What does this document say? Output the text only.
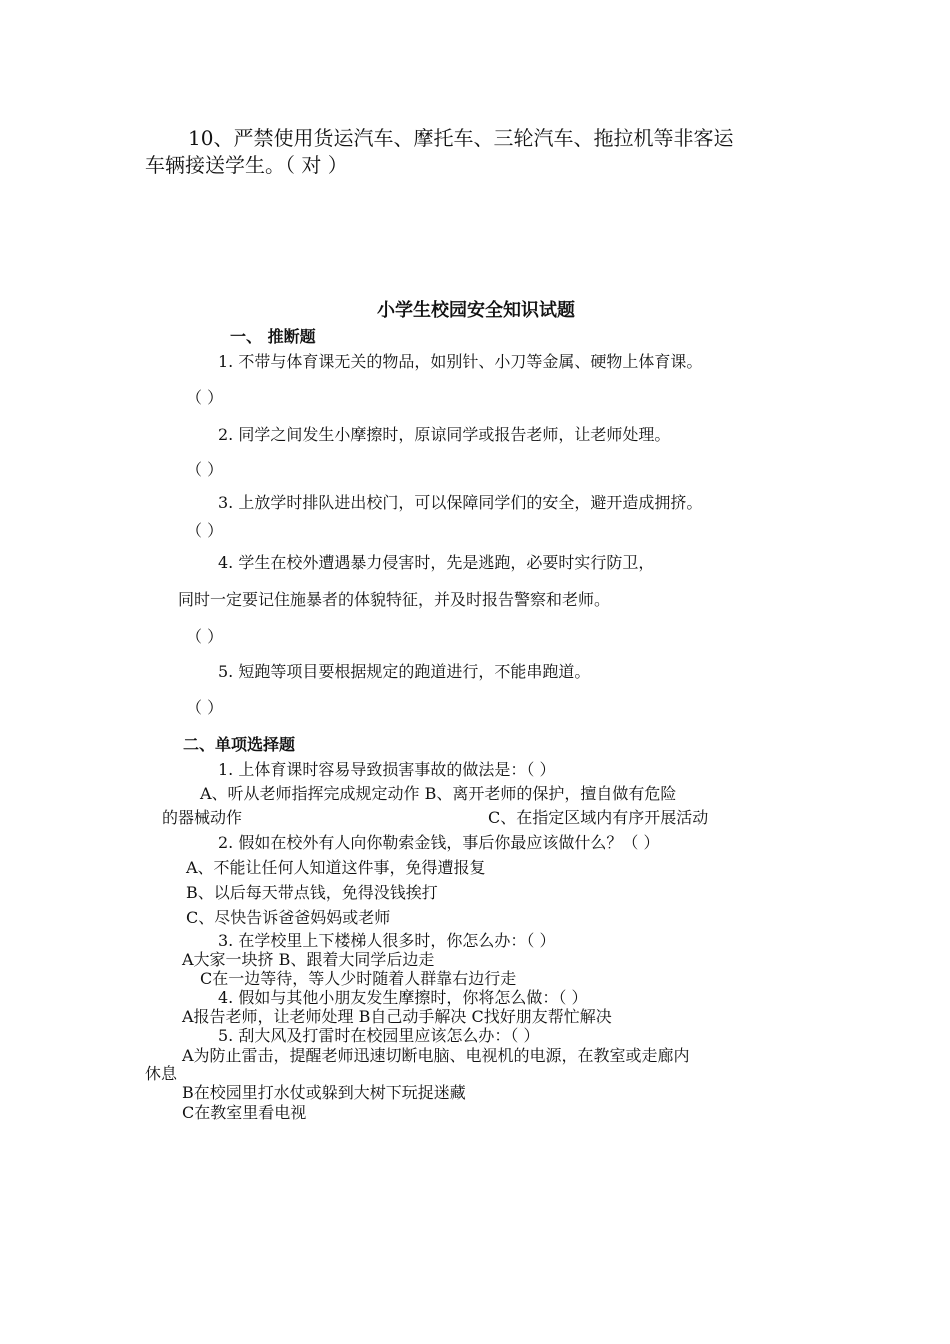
10、严禁使用货运汽车、摩托车、三轮汽车、拖拉机等非客运
车辆接送学生。（ 对 ）
小学生校园安全知识试题
一、 推断题
1. 不带与体育课无关的物品，如别针、小刀等金属、硬物上体育课。
（ ）
2. 同学之间发生小摩擦时，原谅同学或报告老师，让老师处理。
（ ）
3. 上放学时排队进出校门，可以保障同学们的安全，避开造成拥挤。
（ ）
4. 学生在校外遭遇暴力侵害时，先是逃跑，必要时实行防卫，
同时一定要记住施暴者的体貌特征，并及时报告警察和老师。
（ ）
5. 短跑等项目要根据规定的跑道进行，不能串跑道。
（ ）
二、单项选择题
1. 上体育课时容易导致损害事故的做法是：（ ）
A、听从老师指挥完成规定动作 B、离开老师的保护，擅自做有危险
的器械动作	C、在指定区域内有序开展活动
2. 假如在校外有人向你勒索金钱，事后你最应该做什么？（ ）
A、不能让任何人知道这件事，免得遭报复
B、以后每天带点钱，免得没钱挨打
C、尽快告诉爸爸妈妈或老师
3. 在学校里上下楼梯人很多时，你怎么办：（ ）
A大家一块挤 B、跟着大同学后边走
C在一边等待，等人少时随着人群靠右边行走
4. 假如与其他小朋友发生摩擦时，你将怎么做：（ ）
A报告老师，让老师处理 B自己动手解决 C找好朋友帮忙解决
5. 刮大风及打雷时在校园里应该怎么办：（ ）
A为防止雷击，提醒老师迅速切断电脑、电视机的电源，在教室或走廊内
休息
B在校园里打水仗或躲到大树下玩捉迷藏
C在教室里看电视
